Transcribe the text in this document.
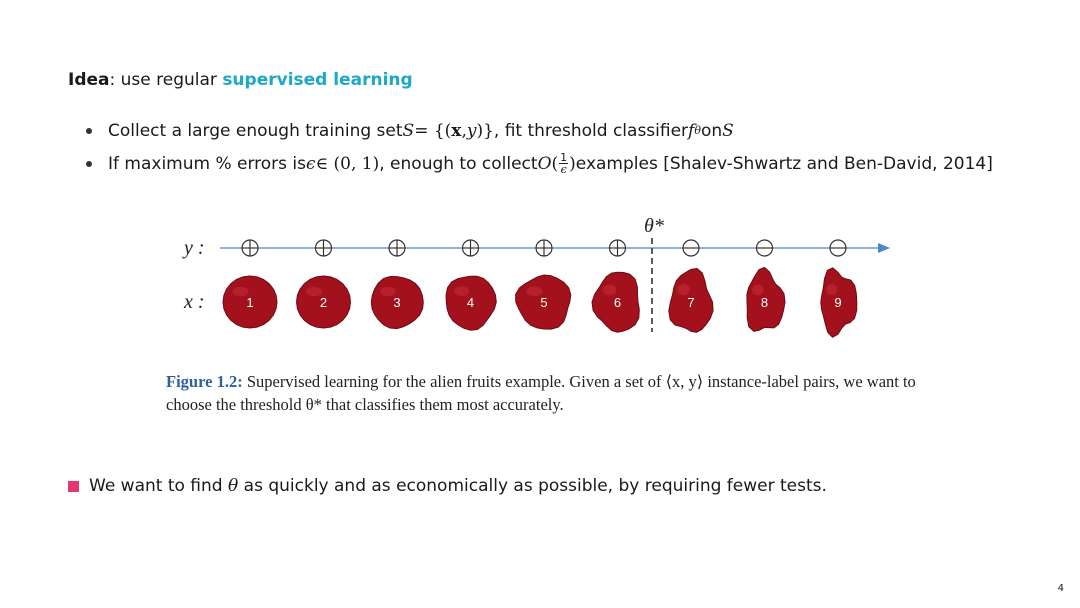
Idea: use regular supervised learning
Collect a large enough training set S = {( x , y )} , fit threshold classifier f θ on S
If maximum % errors is ϵ ∈ (0, 1) , enough to collect O ( $\frac{1}{\epsilon}$ ) examples [Shalev-Shwartz and Ben-David, 2014]
y :
x :
θ*
1	2	3	4	5	6	7	8	9
Figure 1.2: Supervised learning for the alien fruits example. Given a set of ⟨x, y⟩ instance-label pairs, we want to choose the threshold θ* that classifies them most accurately.
We want to find
θ
as quickly and as economically as possible, by requiring fewer tests.
4
